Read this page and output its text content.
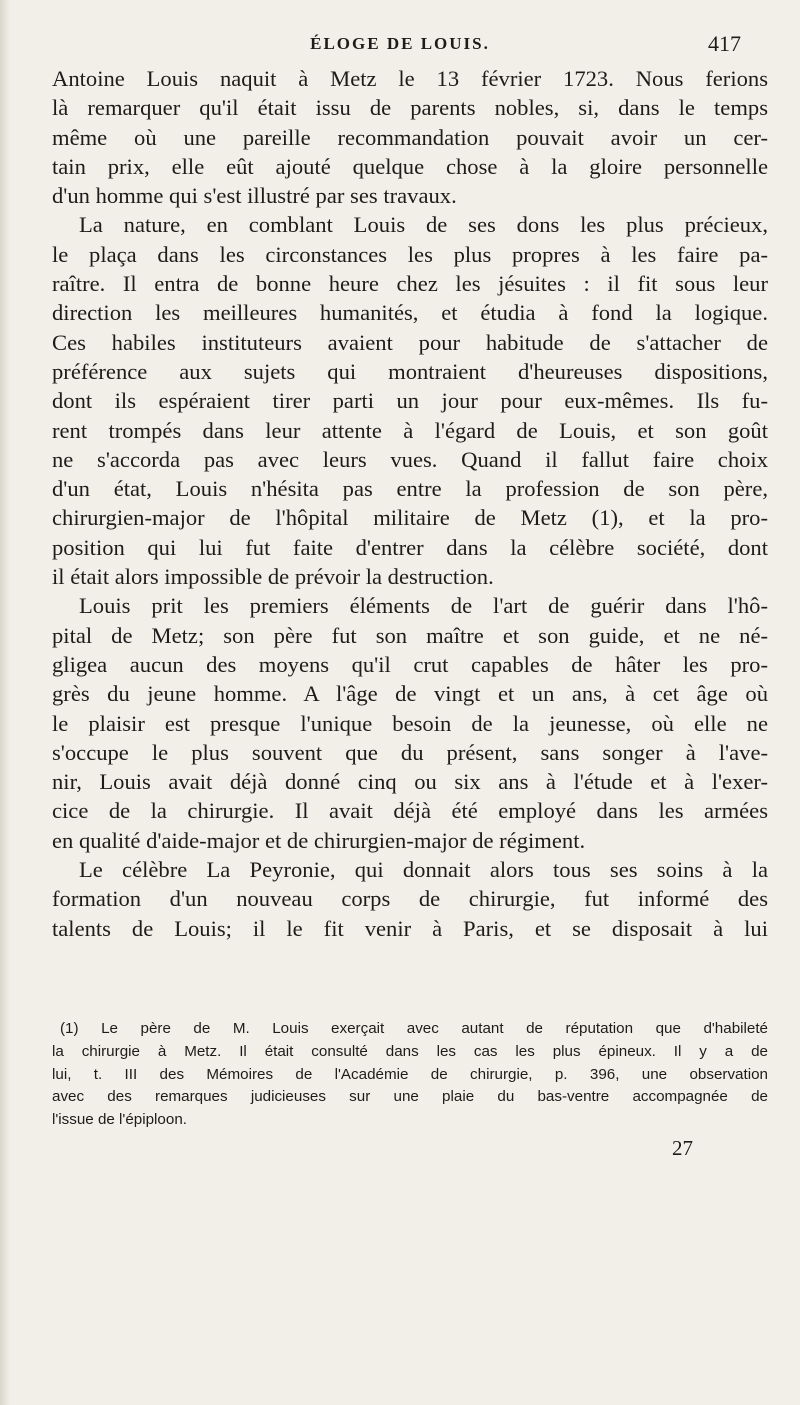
ÉLOGE DE LOUIS.	417
Antoine Louis naquit à Metz le 13 février 1723. Nous ferions
là remarquer qu'il était issu de parents nobles, si, dans le temps
même où une pareille recommandation pouvait avoir un cer-
tain prix, elle eût ajouté quelque chose à la gloire personnelle
d'un homme qui s'est illustré par ses travaux.
La nature, en comblant Louis de ses dons les plus précieux,
le plaça dans les circonstances les plus propres à les faire pa-
raître. Il entra de bonne heure chez les jésuites : il fit sous leur
direction les meilleures humanités, et étudia à fond la logique.
Ces habiles instituteurs avaient pour habitude de s'attacher de
préférence aux sujets qui montraient d'heureuses dispositions,
dont ils espéraient tirer parti un jour pour eux-mêmes. Ils fu-
rent trompés dans leur attente à l'égard de Louis, et son goût
ne s'accorda pas avec leurs vues. Quand il fallut faire choix
d'un état, Louis n'hésita pas entre la profession de son père,
chirurgien-major de l'hôpital militaire de Metz (1), et la pro-
position qui lui fut faite d'entrer dans la célèbre société, dont
il était alors impossible de prévoir la destruction.
Louis prit les premiers éléments de l'art de guérir dans l'hô-
pital de Metz; son père fut son maître et son guide, et ne né-
gligea aucun des moyens qu'il crut capables de hâter les pro-
grès du jeune homme. A l'âge de vingt et un ans, à cet âge où
le plaisir est presque l'unique besoin de la jeunesse, où elle ne
s'occupe le plus souvent que du présent, sans songer à l'ave-
nir, Louis avait déjà donné cinq ou six ans à l'étude et à l'exer-
cice de la chirurgie. Il avait déjà été employé dans les armées
en qualité d'aide-major et de chirurgien-major de régiment.
Le célèbre La Peyronie, qui donnait alors tous ses soins à la
formation d'un nouveau corps de chirurgie, fut informé des
talents de Louis; il le fit venir à Paris, et se disposait à lui
(1) Le père de M. Louis exerçait avec autant de réputation que d'habileté
la chirurgie à Metz. Il était consulté dans les cas les plus épineux. Il y a de
lui, t. III des Mémoires de l'Académie de chirurgie, p. 396, une observation
avec des remarques judicieuses sur une plaie du bas-ventre accompagnée de
l'issue de l'épiploon.
27
